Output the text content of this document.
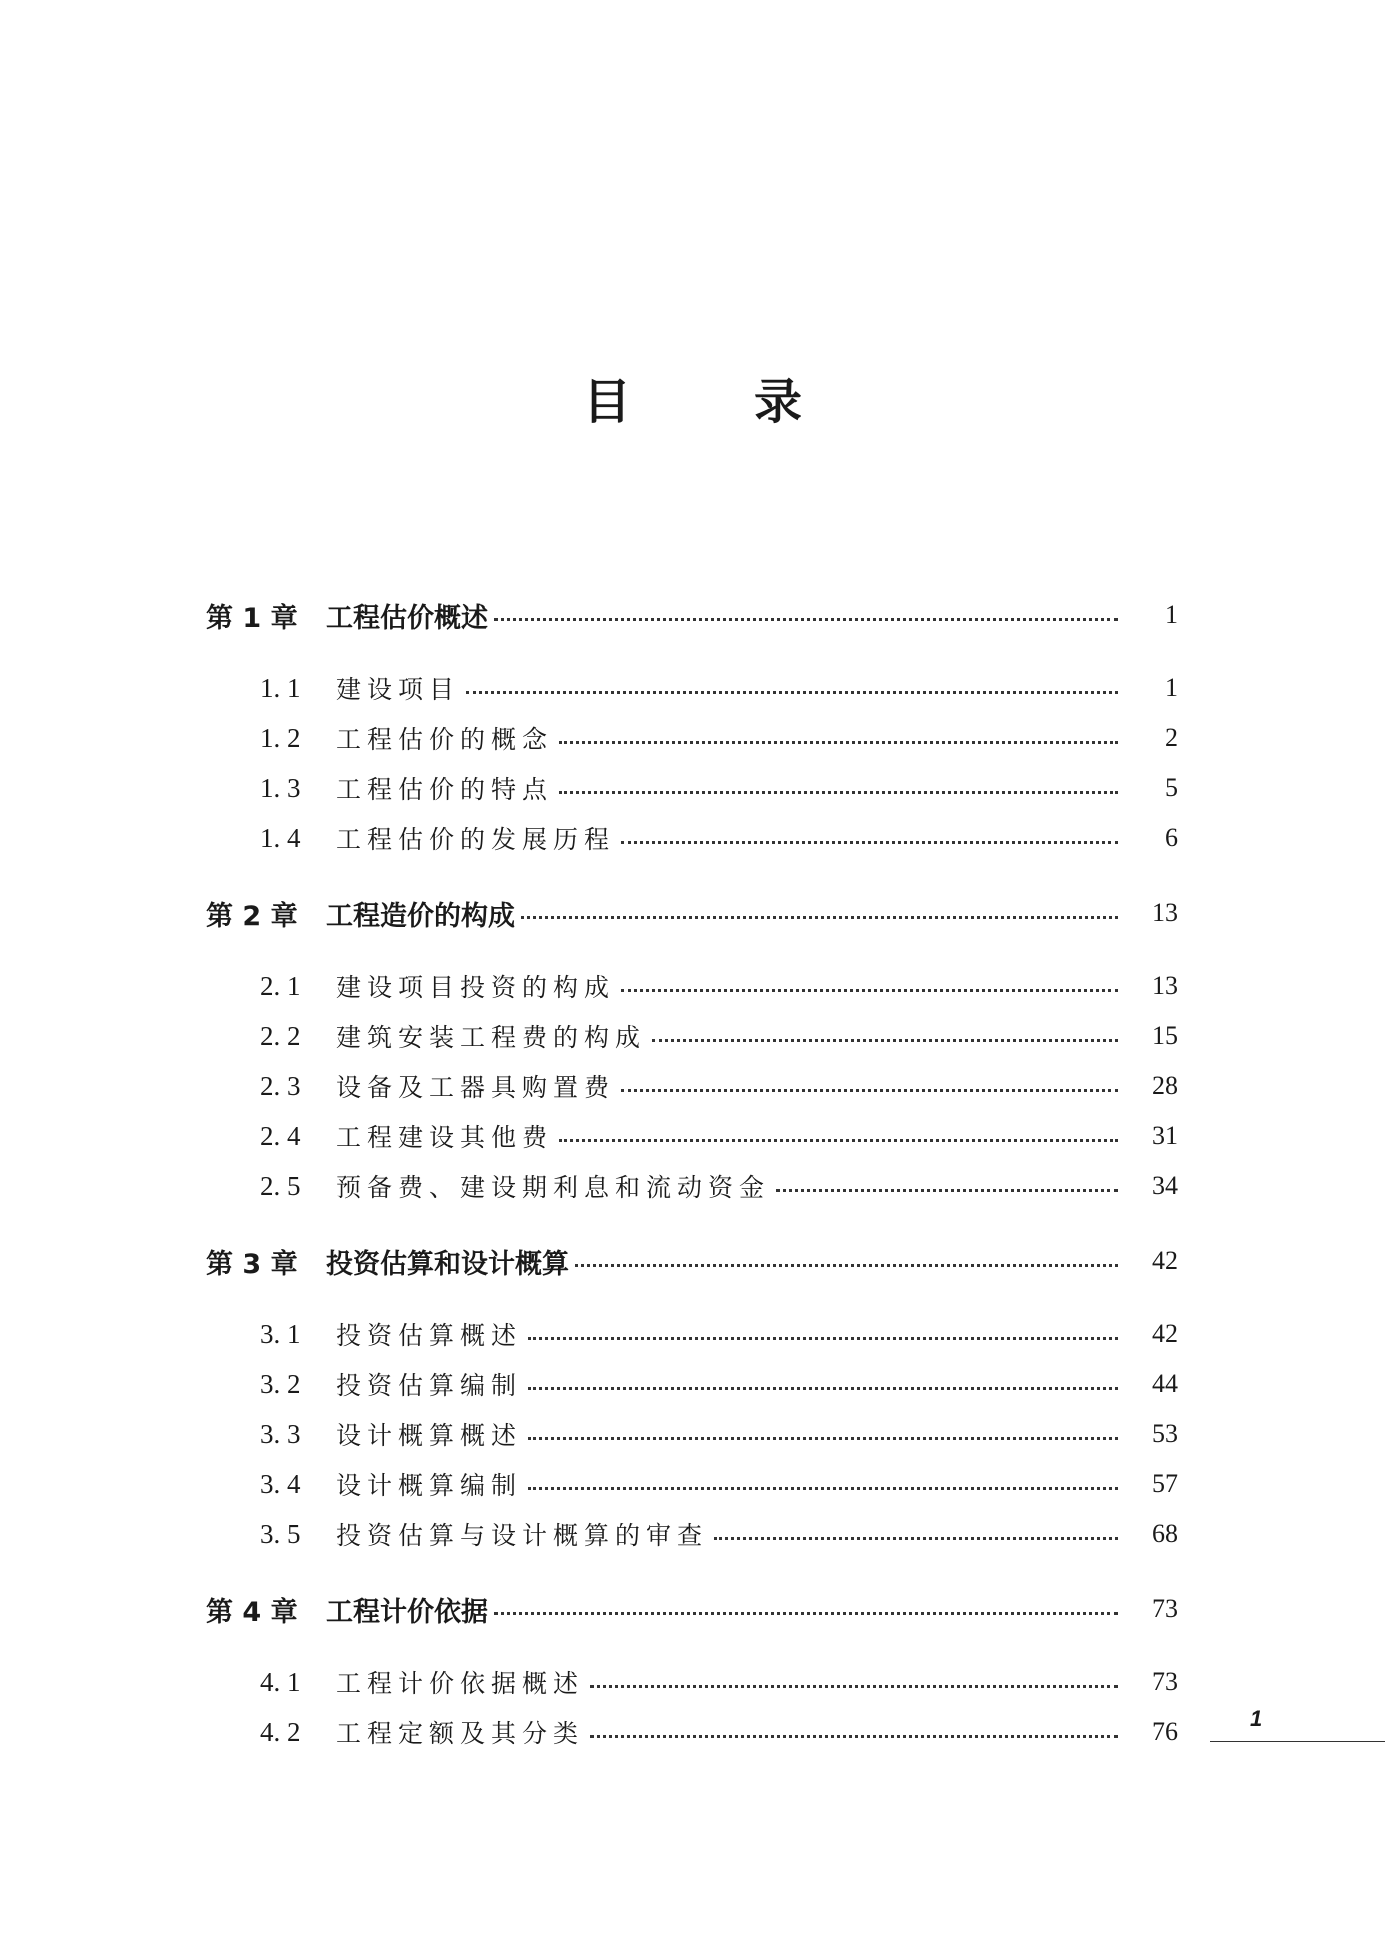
目	录
第 1 章 工程估价概述	1
1. 1 建设项目	1
1. 2 工程估价的概念	2
1. 3 工程估价的特点	5
1. 4 工程估价的发展历程	6
第 2 章 工程造价的构成	13
2. 1 建设项目投资的构成	13
2. 2 建筑安装工程费的构成	15
2. 3 设备及工器具购置费	28
2. 4 工程建设其他费	31
2. 5 预备费、建设期利息和流动资金	34
第 3 章 投资估算和设计概算	42
3. 1 投资估算概述	42
3. 2 投资估算编制	44
3. 3 设计概算概述	53
3. 4 设计概算编制	57
3. 5 投资估算与设计概算的审查	68
第 4 章 工程计价依据	73
4. 1 工程计价依据概述	73
4. 2 工程定额及其分类	76	1
